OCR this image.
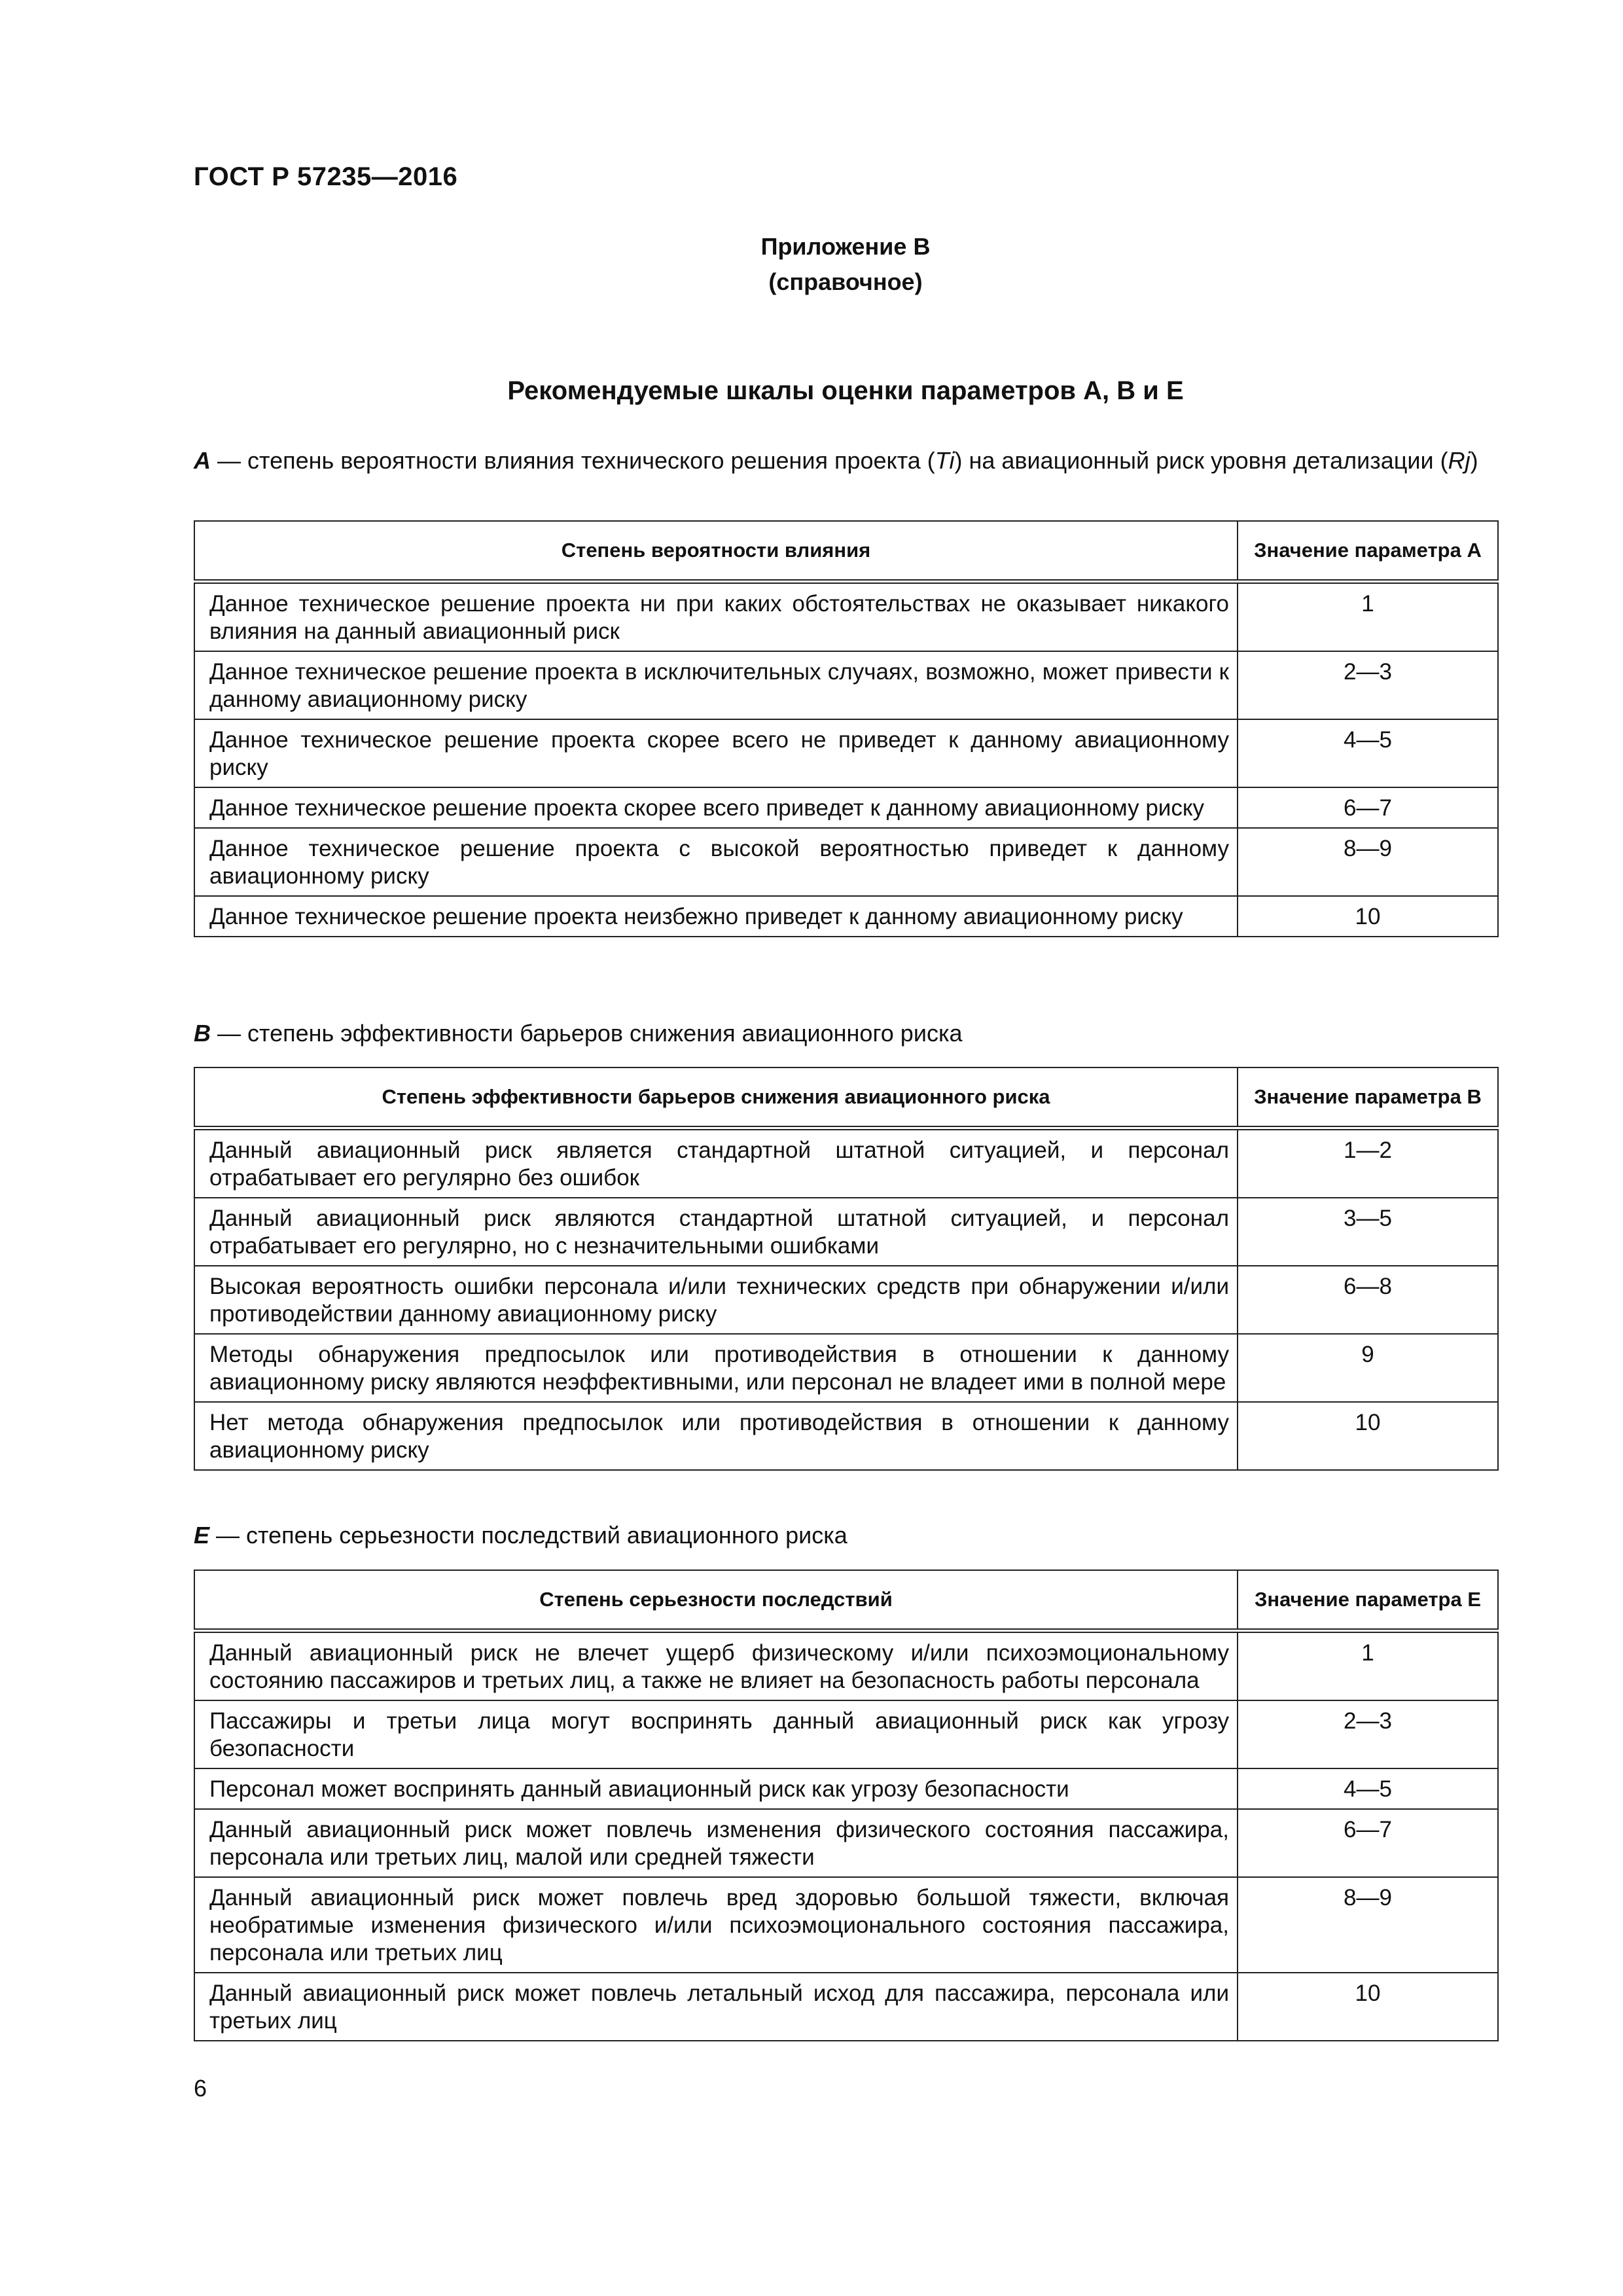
ГОСТ Р 57235—2016
Приложение В
(справочное)
Рекомендуемые шкалы оценки параметров А, В и Е
А — степень вероятности влияния технического решения проекта (Ti) на авиационный риск уровня детализации (Rj)
Степень вероятности влияния	Значение параметра А
Данное техническое решение проекта ни при каких обстоятельствах не оказывает никакого влияния на данный авиационный риск	1
Данное техническое решение проекта в исключительных случаях, возможно, может привести к данному авиационному риску	2—3
Данное техническое решение проекта скорее всего не приведет к данному авиационному риску	4—5
Данное техническое решение проекта скорее всего приведет к данному авиационному риску	6—7
Данное техническое решение проекта с высокой вероятностью приведет к данному авиационному риску	8—9
Данное техническое решение проекта неизбежно приведет к данному авиационному риску	10
В — степень эффективности барьеров снижения авиационного риска
Степень эффективности барьеров снижения авиационного риска	Значение параметра В
Данный авиационный риск является стандартной штатной ситуацией, и персонал отрабатывает его регулярно без ошибок	1—2
Данный авиационный риск являются стандартной штатной ситуацией, и персонал отрабатывает его регулярно, но с незначительными ошибками	3—5
Высокая вероятность ошибки персонала и/или технических средств при обнаружении и/или противодействии данному авиационному риску	6—8
Методы обнаружения предпосылок или противодействия в отношении к данному авиационному риску являются неэффективными, или персонал не владеет ими в полной мере	9
Нет метода обнаружения предпосылок или противодействия в отношении к данному авиационному риску	10
Е — степень серьезности последствий авиационного риска
Степень серьезности последствий	Значение параметра Е
Данный авиационный риск не влечет ущерб физическому и/или психоэмоциональному состоянию пассажиров и третьих лиц, а также не влияет на безопасность работы персонала	1
Пассажиры и третьи лица могут воспринять данный авиационный риск как угрозу безопасности	2—3
Персонал может воспринять данный авиационный риск как угрозу безопасности	4—5
Данный авиационный риск может повлечь изменения физического состояния пассажира, персонала или третьих лиц, малой или средней тяжести	6—7
Данный авиационный риск может повлечь вред здоровью большой тяжести, включая необратимые изменения физического и/или психоэмоционального состояния пассажира, персонала или третьих лиц	8—9
Данный авиационный риск может повлечь летальный исход для пассажира, персонала или третьих лиц	10
6
